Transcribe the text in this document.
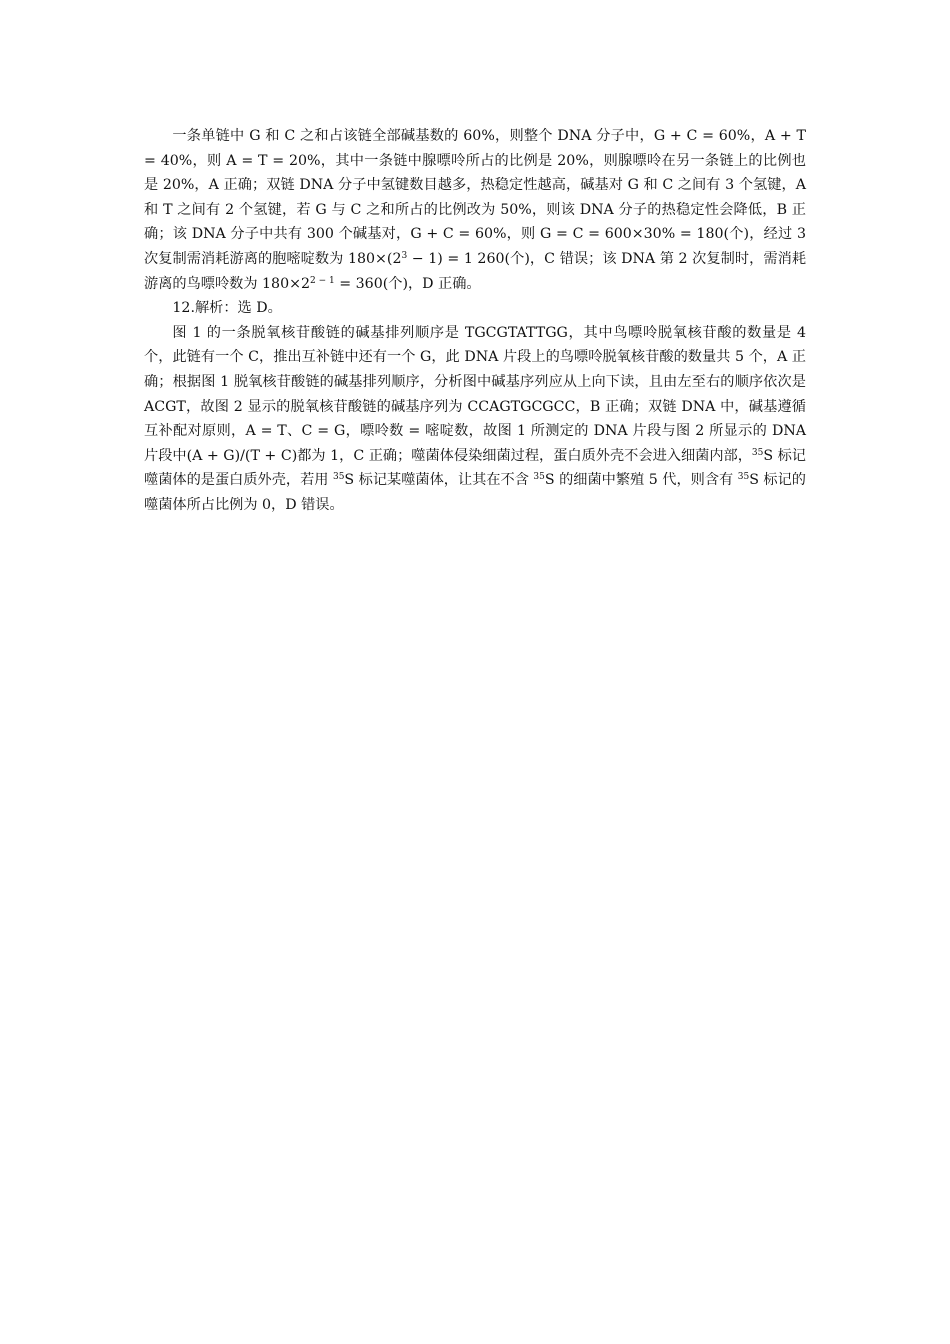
一条单链中 G 和 C 之和占该链全部碱基数的 60%，则整个 DNA 分子中，G + C = 60%，A + T = 40%，则 A = T = 20%，其中一条链中腺嘌呤所占的比例是 20%，则腺嘌呤在另一条链上的比例也是 20%，A 正确；双链 DNA 分子中氢键数目越多，热稳定性越高，碱基对 G 和 C 之间有 3 个氢键，A 和 T 之间有 2 个氢键，若 G 与 C 之和所占的比例改为 50%，则该 DNA 分子的热稳定性会降低，B 正确；该 DNA 分子中共有 300 个碱基对，G + C = 60%，则 G = C = 600×30% = 180(个)，经过 3 次复制需消耗游离的胞嘧啶数为 $180\times(2^3 - 1) = 1$ 260(个)，C 错误；该 DNA 第 2 次复制时，需消耗游离的鸟嘌呤数为 $180\times 2^{2 - 1} = 360$(个)，D 正确。

12.解析：选 D。

图 1 的一条脱氧核苷酸链的碱基排列顺序是 TGCGTATTGG，其中鸟嘌呤脱氧核苷酸的数量是 4 个，此链有一个 C，推出互补链中还有一个 G，此 DNA 片段上的鸟嘌呤脱氧核苷酸的数量共 5 个，A 正确；根据图 1 脱氧核苷酸链的碱基排列顺序，分析图中碱基序列应从上向下读，且由左至右的顺序依次是 ACGT，故图 2 显示的脱氧核苷酸链的碱基序列为 CCAGTGCGCC，B 正确；双链 DNA 中，碱基遵循互补配对原则，A = T、C = G，嘌呤数 = 嘧啶数，故图 1 所测定的 DNA 片段与图 2 所显示的 DNA 片段中(A + G)/(T + C)都为 1，C 正确；噬菌体侵染细菌过程，蛋白质外壳不会进入细菌内部，$^{35}$S 标记噬菌体的是蛋白质外壳，若用 $^{35}$S 标记某噬菌体，让其在不含 $^{35}$S 的细菌中繁殖 5 代，则含有 $^{35}$S 标记的噬菌体所占比例为 0，D 错误。
